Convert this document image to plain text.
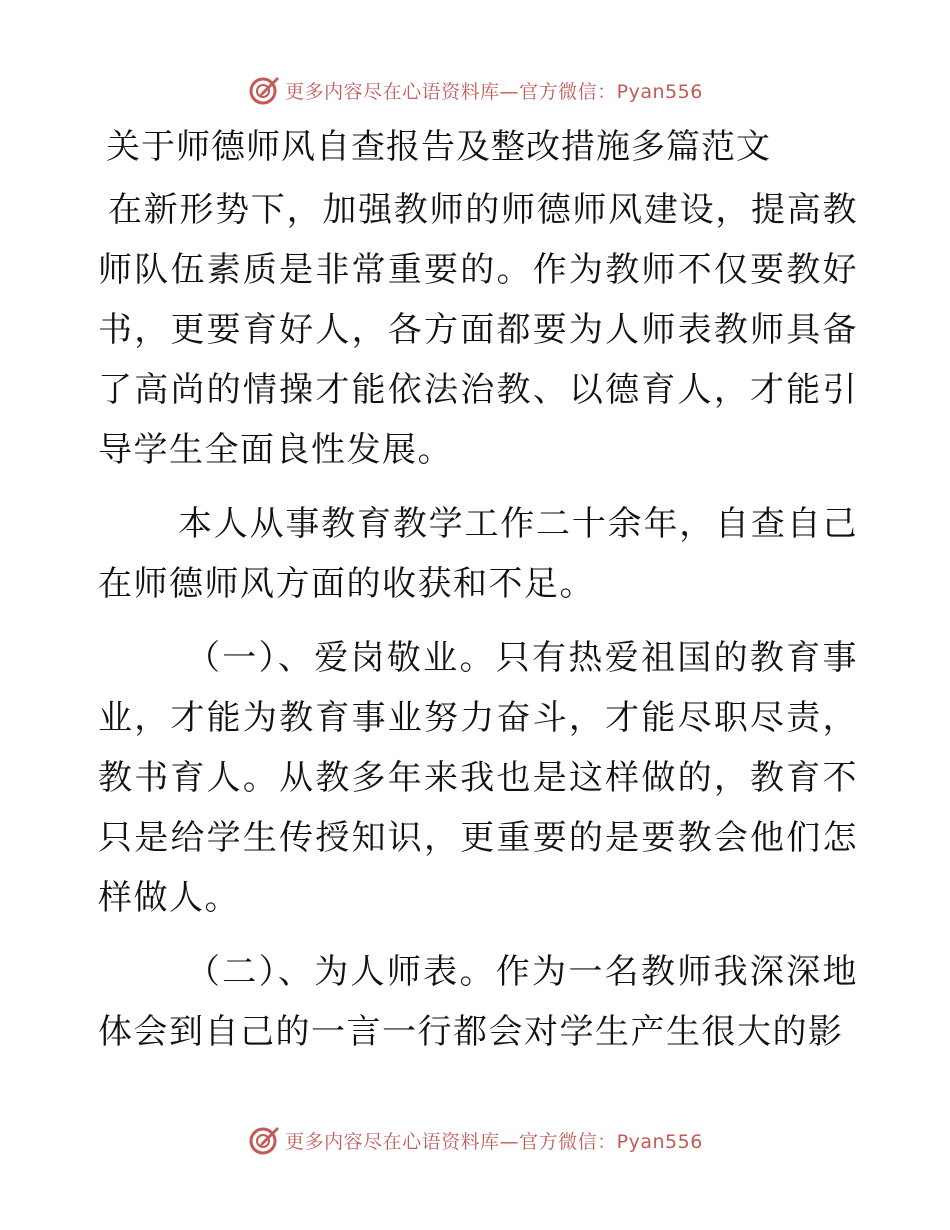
更多内容尽在心语资料库—官方微信：Pyan556
关于师德师风自查报告及整改措施多篇范文

在新形势下，加强教师的师德师风建设，提高教师队伍素质是非常重要的。作为教师不仅要教好书，更要育好人，各方面都要为人师表教师具备了高尚的情操才能依法治教、以德育人，才能引导学生全面良性发展。

本人从事教育教学工作二十余年，自查自己在师德师风方面的收获和不足。

（一）、爱岗敬业。只有热爱祖国的教育事业，才能为教育事业努力奋斗，才能尽职尽责，教书育人。从教多年来我也是这样做的，教育不只是给学生传授知识，更重要的是要教会他们怎样做人。

（二）、为人师表。作为一名教师我深深地体会到自己的一言一行都会对学生产生很大的影

更多内容尽在心语资料库—官方微信：Pyan556
